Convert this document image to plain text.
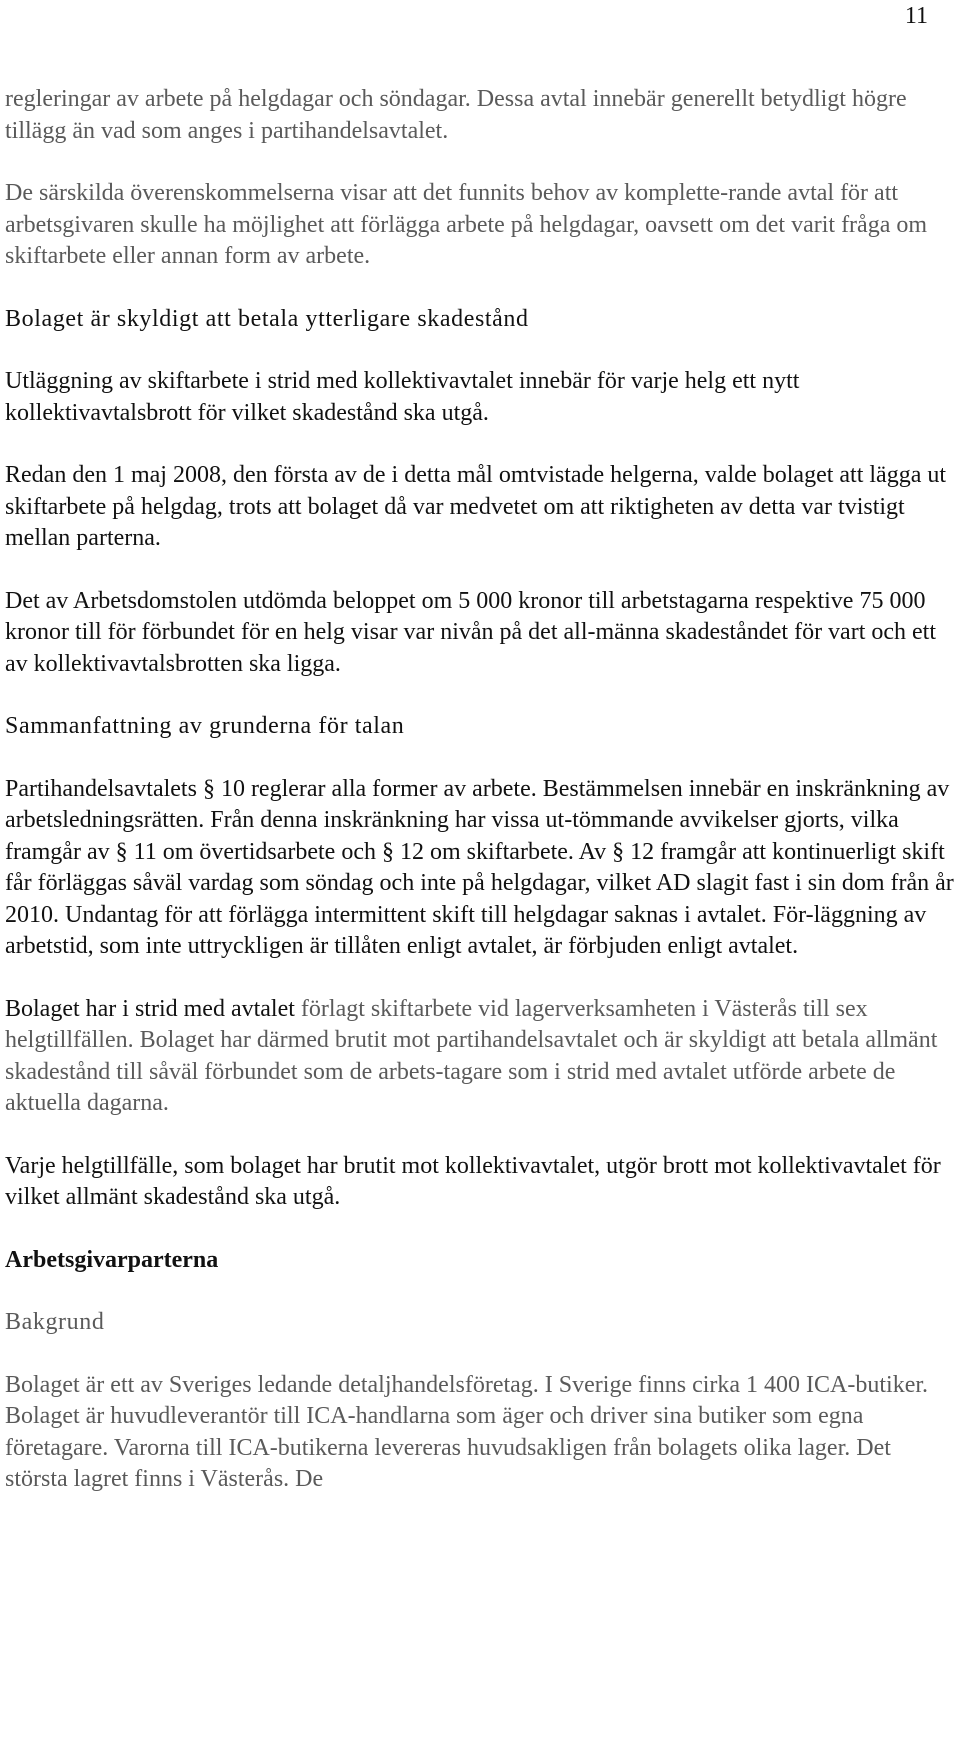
11

regleringar av arbete på helgdagar och söndagar. Dessa avtal innebär generellt betydligt högre tillägg än vad som anges i partihandelsavtalet.

De särskilda överenskommelserna visar att det funnits behov av komplette-rande avtal för att arbetsgivaren skulle ha möjlighet att förlägga arbete på helgdagar, oavsett om det varit fråga om skiftarbete eller annan form av arbete.

Bolaget är skyldigt att betala ytterligare skadestånd

Utläggning av skiftarbete i strid med kollektivavtalet innebär för varje helg ett nytt kollektivavtalsbrott för vilket skadestånd ska utgå.

Redan den 1 maj 2008, den första av de i detta mål omtvistade helgerna, valde bolaget att lägga ut skiftarbete på helgdag, trots att bolaget då var medvetet om att riktigheten av detta var tvistigt mellan parterna.

Det av Arbetsdomstolen utdömda beloppet om 5 000 kronor till arbetstagarna respektive 75 000 kronor till för förbundet för en helg visar var nivån på det all-männa skadeståndet för vart och ett av kollektivavtalsbrotten ska ligga.

Sammanfattning av grunderna för talan

Partihandelsavtalets § 10 reglerar alla former av arbete. Bestämmelsen innebär en inskränkning av arbetsledningsrätten. Från denna inskränkning har vissa ut-tömmande avvikelser gjorts, vilka framgår av § 11 om övertidsarbete och § 12 om skiftarbete. Av § 12 framgår att kontinuerligt skift får förläggas såväl vardag som söndag och inte på helgdagar, vilket AD slagit fast i sin dom från år 2010. Undantag för att förlägga intermittent skift till helgdagar saknas i avtalet. För-läggning av arbetstid, som inte uttryckligen är tillåten enligt avtalet, är förbjuden enligt avtalet.

Bolaget har i strid med avtalet förlagt skiftarbete vid lagerverksamheten i Västerås till sex helgtillfällen. Bolaget har därmed brutit mot partihandelsavtalet och är skyldigt att betala allmänt skadestånd till såväl förbundet som de arbets-tagare som i strid med avtalet utförde arbete de aktuella dagarna.

Varje helgtillfälle, som bolaget har brutit mot kollektivavtalet, utgör brott mot kollektivavtalet för vilket allmänt skadestånd ska utgå.

Arbetsgivarparterna

Bakgrund

Bolaget är ett av Sveriges ledande detaljhandelsföretag. I Sverige finns cirka 1 400 ICA-butiker. Bolaget är huvudleverantör till ICA-handlarna som äger och driver sina butiker som egna företagare. Varorna till ICA-butikerna levereras huvudsakligen från bolagets olika lager. Det största lagret finns i Västerås. De
